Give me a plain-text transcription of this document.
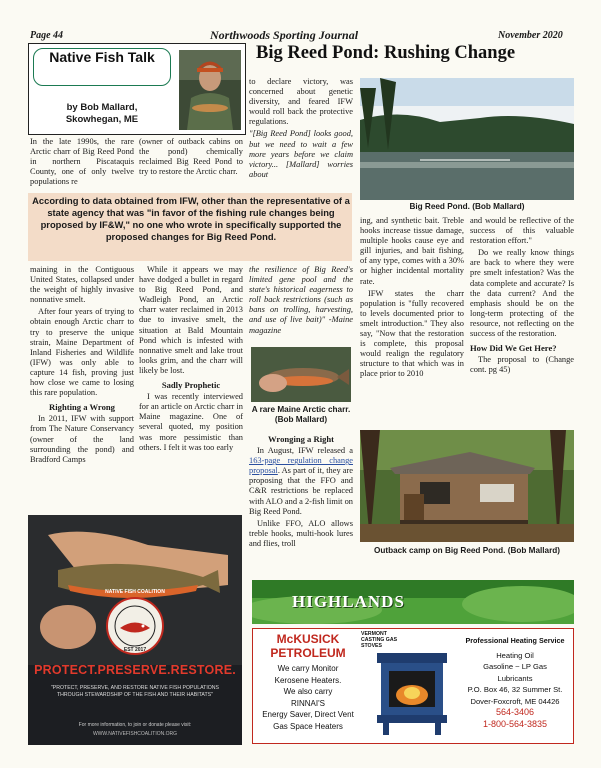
Page 44	Northwoods Sporting Journal	November 2020
Native Fish Talk
by Bob Mallard,
Skowhegan, ME
Big Reed Pond: Rushing Change
In the late 1990s, the rare Arctic charr of Big Reed Pond in northern Piscataquis County, one of only twelve populations re
(owner of outback cabins on the pond) chemically reclaimed Big Reed Pond to try to restore the Arctic charr.

to declare victory, was concerned about genetic diversity, and feared IFW would roll back the protective regulations.

"[Big Reed Pond] looks good, but we need to wait a few more years before we claim victory... [Mallard] worries about

Big Reed Pond. (Bob Mallard)
According to data obtained from IFW, other than the representative of a state agency that was "in favor of the fishing rule changes being proposed by IF&W," no one who wrote in specifically supported the proposed changes for Big Reed Pond.

maining in the Contiguous United States, collapsed under the weight of highly invasive nonnative smelt.

After four years of trying to obtain enough Arctic charr to try to preserve the unique strain, Maine Department of Inland Fisheries and Wildlife (IFW) was only able to capture 14 fish, proving just how close we came to losing this rare population.

Righting a Wrong

In 2011, IFW with support from The Nature Conservancy (owner of the land surrounding the pond) and Bradford Camps

While it appears we may have dodged a bullet in regard to Big Reed Pond, and Wadleigh Pond, an Arctic charr water reclaimed in 2013 due to invasive smelt, the situation at Bald Mountain Pond which is infested with nonnative smelt and lake trout looks grim, and the charr will likely be lost.

Sadly Prophetic

I was recently interviewed for an article on Arctic charr in Maine magazine. One of several quoted, my position was more pessimistic than others. I felt it was too early

the resilience of Big Reed's limited gene pool and the state's historical eagerness to roll back restrictions (such as bans on trolling, harvesting, and use of live bait)" -Maine magazine
A rare Maine Arctic charr. (Bob Mallard)
Wronging a Right

In August, IFW released a 163-page regulation change proposal. As part of it, they are proposing that the FFO and C&R restrictions be replaced with ALO and a 2-fish limit on Big Reed Pond.

Unlike FFO, ALO allows treble hooks, multi-hook lures and flies, troll

ing, and synthetic bait. Treble hooks increase tissue damage, multiple hooks cause eye and gill injuries, and bait fishing, of any type, comes with a 30% or higher incidental mortality rate.

IFW states the charr population is "fully recovered to levels documented prior to smelt introduction." They also say, "Now that the restoration is complete, this proposal would realign the regulatory structure to that which was in place prior to 2010

and would be reflective of the success of this valuable restoration effort."

Do we really know things are back to where they were pre smelt infestation? Was the data complete and accurate? Is the data current? And the emphasis should be on the long-term protecting of the resource, not reflecting on the success of the restoration.

How Did We Get Here?

The proposal to (Change cont. pg 45)

Outback camp on Big Reed Pond. (Bob Mallard)
NATIVE FISH COALITION
EST 2017
PROTECT.PRESERVE.RESTORE.
"PROTECT, PRESERVE, AND RESTORE NATIVE FISH POPULATIONS THROUGH STEWARDSHIP OF THE FISH AND THEIR HABITATS"
For more information, to join or donate please visit:
WWW.NATIVEFISHCOALITION.ORG
HIGHLANDS
McKUSICK PETROLEUM
We carry Monitor
Kerosene Heaters.
We also carry
RINNAI'S
Energy Saver, Direct Vent
Gas Space Heaters
VERMONT CASTING GAS STOVES
Professional Heating Service
Heating Oil
Gasoline ~ LP Gas
Lubricants
P.O. Box 46, 32 Summer St.
Dover-Foxcroft, ME 04426
564-3406
1-800-564-3835
